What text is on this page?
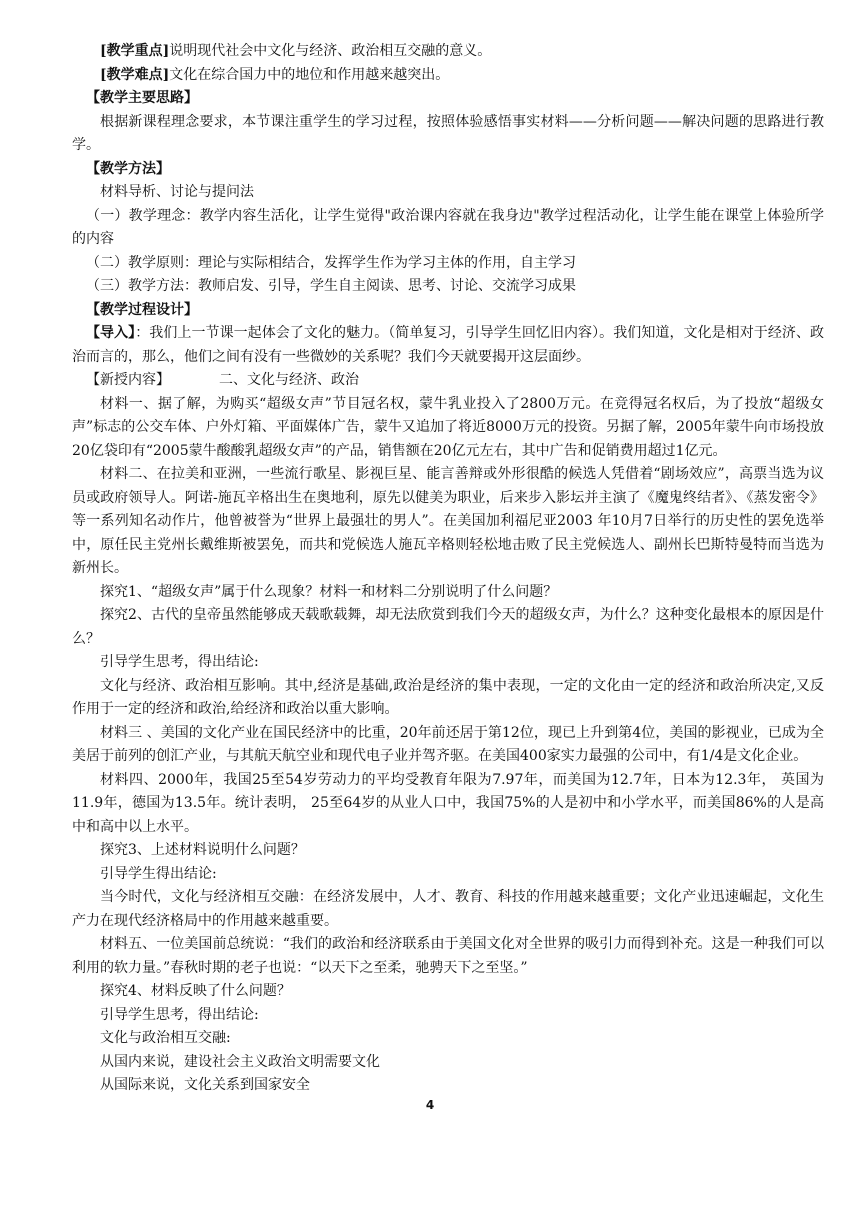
[教学重点]说明现代社会中文化与经济、政治相互交融的意义。

[教学难点]文化在综合国力中的地位和作用越来越突出。

【教学主要思路】

根据新课程理念要求，本节课注重学生的学习过程，按照体验感悟事实材料——分析问题——解决问题的思路进行教学。

【教学方法】

材料导析、讨论与提问法

（一）教学理念：教学内容生活化，让学生觉得"政治课内容就在我身边"教学过程活动化，让学生能在课堂上体验所学的内容

（二）教学原则：理论与实际相结合，发挥学生作为学习主体的作用，自主学习

（三）教学方法：教师启发、引导，学生自主阅读、思考、讨论、交流学习成果

【教学过程设计】

【导入】：我们上一节课一起体会了文化的魅力。（简单复习，引导学生回忆旧内容）。我们知道，文化是相对于经济、政治而言的，那么，他们之间有没有一些微妙的关系呢？我们今天就要揭开这层面纱。

【新授内容】　　　　二、文化与经济、政治

材料一、据了解，为购买“超级女声”节目冠名权，蒙牛乳业投入了2800万元。在竞得冠名权后，为了投放“超级女声”标志的公交车体、户外灯箱、平面媒体广告，蒙牛又追加了将近8000万元的投资。另据了解，2005年蒙牛向市场投放20亿袋印有“2005蒙牛酸酸乳超级女声”的产品，销售额在20亿元左右，其中广告和促销费用超过1亿元。

材料二、在拉美和亚洲，一些流行歌星、影视巨星、能言善辩或外形很酷的候选人凭借着“剧场效应”，高票当选为议员或政府领导人。阿诺-施瓦辛格出生在奥地利，原先以健美为职业，后来步入影坛并主演了《魔鬼终结者》、《蒸发密令》等一系列知名动作片，他曾被誉为“世界上最强壮的男人”。在美国加利福尼亚2003 年10月7日举行的历史性的罢免选举中，原任民主党州长戴维斯被罢免，而共和党候选人施瓦辛格则轻松地击败了民主党候选人、副州长巴斯特曼特而当选为新州长。

探究1、“超级女声”属于什么现象？材料一和材料二分别说明了什么问题？

探究2、古代的皇帝虽然能够成天载歌载舞，却无法欣赏到我们今天的超级女声，为什么？这种变化最根本的原因是什么？

引导学生思考，得出结论:

文化与经济、政治相互影响。其中,经济是基础,政治是经济的集中表现，一定的文化由一定的经济和政治所决定,又反作用于一定的经济和政治,给经济和政治以重大影响。

材料三 、美国的文化产业在国民经济中的比重，20年前还居于第12位，现已上升到第4位，美国的影视业，已成为全美居于前列的创汇产业，与其航天航空业和现代电子业并驾齐驱。在美国400家实力最强的公司中，有1/4是文化企业。

材料四、2000年，我国25至54岁劳动力的平均受教育年限为7.97年，而美国为12.7年，日本为12.3年， 英国为11.9年，德国为13.5年。统计表明， 25至64岁的从业人口中，我国75%的人是初中和小学水平，而美国86%的人是高中和高中以上水平。

探究3、上述材料说明什么问题？

引导学生得出结论:

当今时代，文化与经济相互交融：在经济发展中，人才、教育、科技的作用越来越重要；文化产业迅速崛起，文化生产力在现代经济格局中的作用越来越重要。

材料五、一位美国前总统说：“我们的政治和经济联系由于美国文化对全世界的吸引力而得到补充。这是一种我们可以利用的软力量。”春秋时期的老子也说：“以天下之至柔，驰骋天下之至坚。”

探究4、材料反映了什么问题？

引导学生思考，得出结论:

文化与政治相互交融:

从国内来说，建设社会主义政治文明需要文化

从国际来说，文化关系到国家安全

4
